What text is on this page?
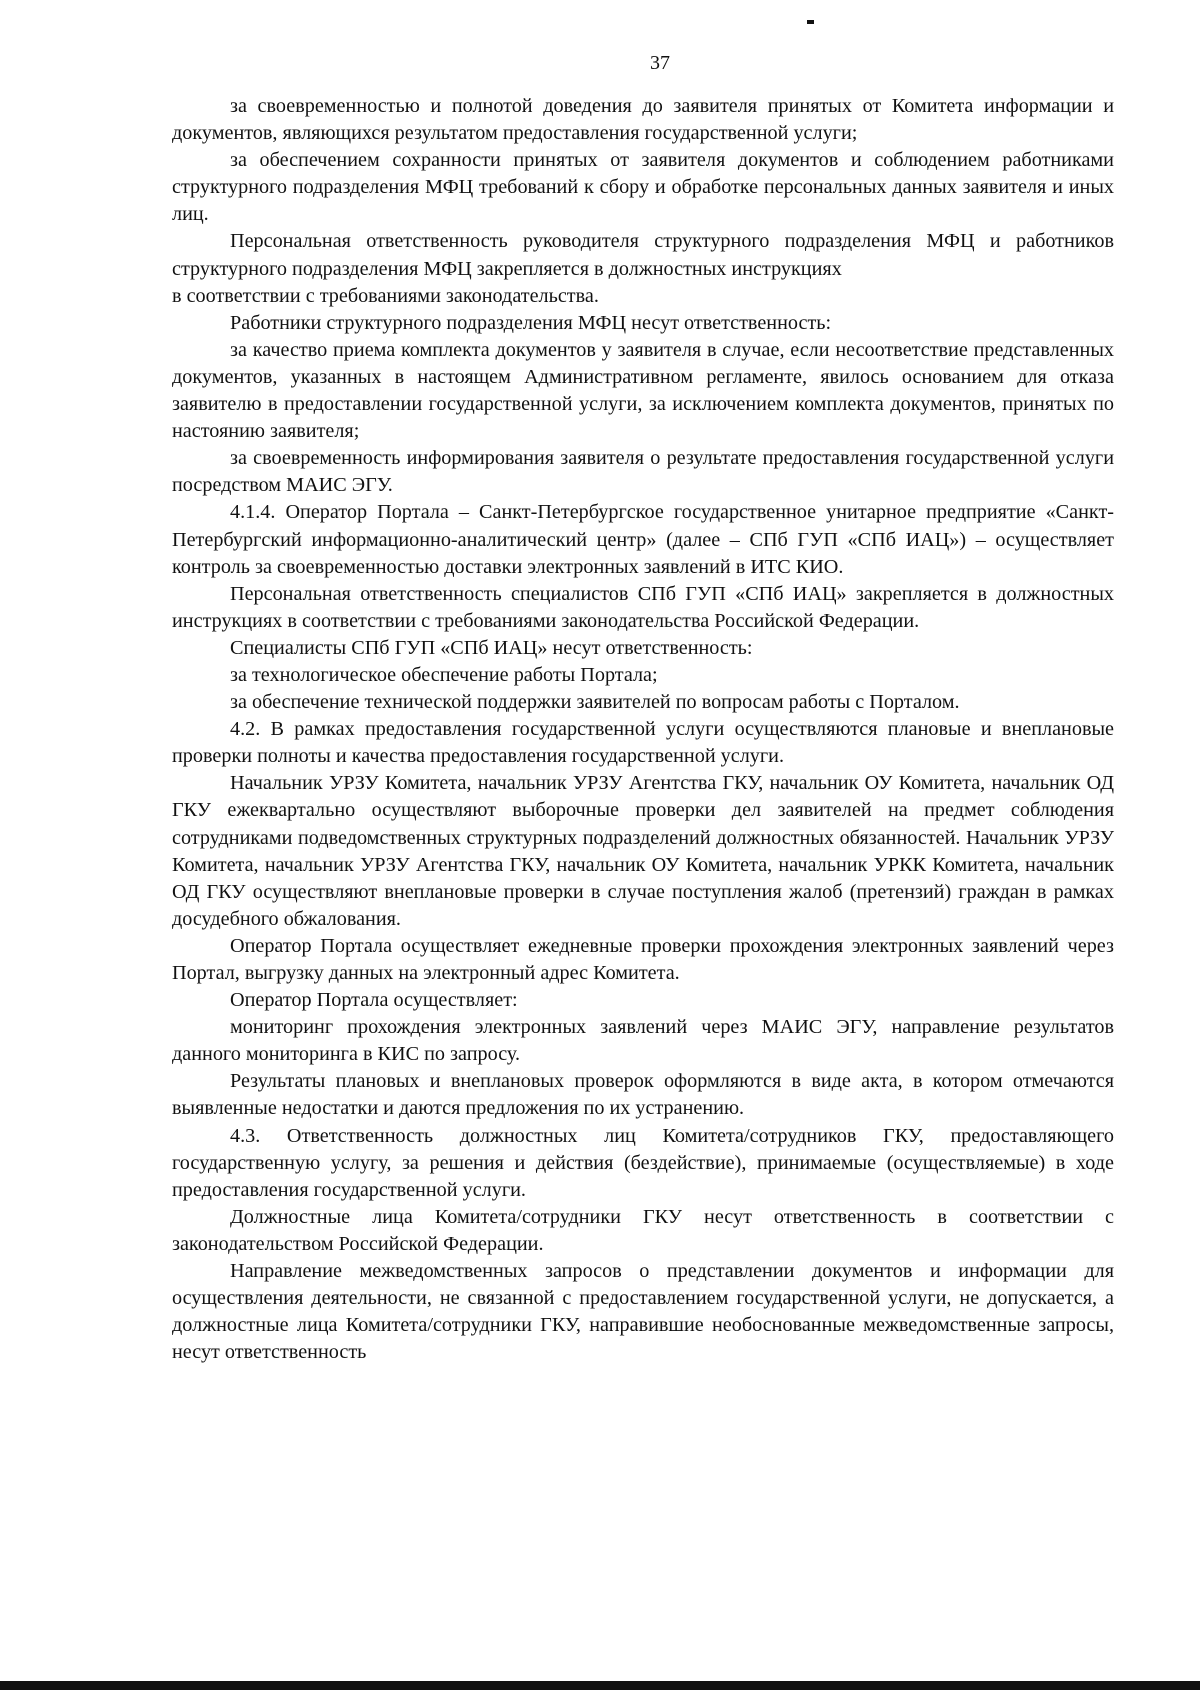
37

за своевременностью и полнотой доведения до заявителя принятых от Комитета информации и документов, являющихся результатом предоставления государственной услуги;

за обеспечением сохранности принятых от заявителя документов и соблюдением работниками структурного подразделения МФЦ требований к сбору и обработке персональных данных заявителя и иных лиц.

Персональная ответственность руководителя структурного подразделения МФЦ и работников структурного подразделения МФЦ закрепляется в должностных инструкциях

в соответствии с требованиями законодательства.

Работники структурного подразделения МФЦ несут ответственность:

за качество приема комплекта документов у заявителя в случае, если несоответствие представленных документов, указанных в настоящем Административном регламенте, явилось основанием для отказа заявителю в предоставлении государственной услуги, за исключением комплекта документов, принятых по настоянию заявителя;

за своевременность информирования заявителя о результате предоставления государственной услуги посредством МАИС ЭГУ.

4.1.4. Оператор Портала – Санкт-Петербургское государственное унитарное предприятие «Санкт-Петербургский информационно-аналитический центр» (далее – СПб ГУП «СПб ИАЦ») – осуществляет контроль за своевременностью доставки электронных заявлений в ИТС КИО.

Персональная ответственность специалистов СПб ГУП «СПб ИАЦ» закрепляется в должностных инструкциях в соответствии с требованиями законодательства Российской Федерации.

Специалисты СПб ГУП «СПб ИАЦ» несут ответственность:

за технологическое обеспечение работы Портала;

за обеспечение технической поддержки заявителей по вопросам работы с Порталом.

4.2. В рамках предоставления государственной услуги осуществляются плановые и внеплановые проверки полноты и качества предоставления государственной услуги.

Начальник УРЗУ Комитета, начальник УРЗУ Агентства ГКУ, начальник ОУ Комитета, начальник ОД ГКУ ежеквартально осуществляют выборочные проверки дел заявителей на предмет соблюдения сотрудниками подведомственных структурных подразделений должностных обязанностей. Начальник УРЗУ Комитета, начальник УРЗУ Агентства ГКУ, начальник ОУ Комитета, начальник УРКК Комитета, начальник ОД ГКУ осуществляют внеплановые проверки в случае поступления жалоб (претензий) граждан в рамках досудебного обжалования.

Оператор Портала осуществляет ежедневные проверки прохождения электронных заявлений через Портал, выгрузку данных на электронный адрес Комитета.

Оператор Портала осуществляет:

мониторинг прохождения электронных заявлений через МАИС ЭГУ, направление результатов данного мониторинга в КИС по запросу.

Результаты плановых и внеплановых проверок оформляются в виде акта, в котором отмечаются выявленные недостатки и даются предложения по их устранению.

4.3. Ответственность должностных лиц Комитета/сотрудников ГКУ, предоставляющего государственную услугу, за решения и действия (бездействие), принимаемые (осуществляемые) в ходе предоставления государственной услуги.

Должностные лица Комитета/сотрудники ГКУ несут ответственность в соответствии с законодательством Российской Федерации.

Направление межведомственных запросов о представлении документов и информации для осуществления деятельности, не связанной с предоставлением государственной услуги, не допускается, а должностные лица Комитета/сотрудники ГКУ, направившие необоснованные межведомственные запросы, несут ответственность
